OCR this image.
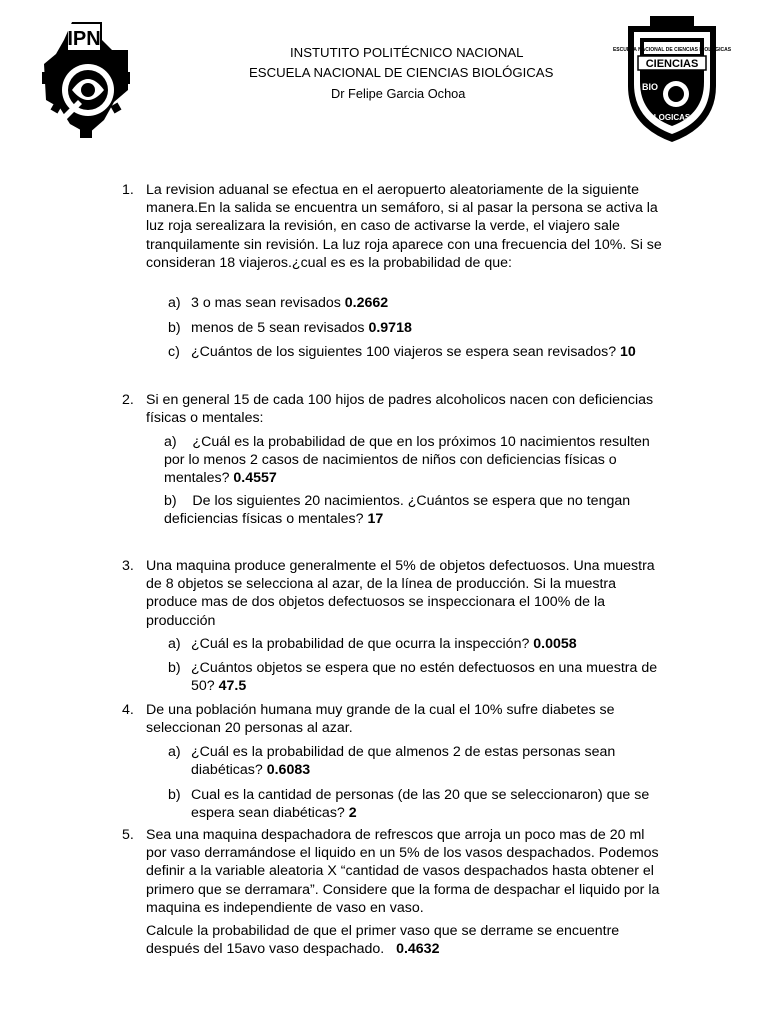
IPN	ESCUELA NACIONAL DE CIENCIAS BIOLOGICAS
CIENCIAS
BIO
LOGICAS
INSTUTITO POLITÉCNICO NACIONAL
ESCUELA NACIONAL DE CIENCIAS BIOLÓGICAS
Dr Felipe Garcia Ochoa
1. La revision aduanal se efectua en el aeropuerto aleatoriamente de la siguiente manera.En la salida se encuentra un semáforo, si al pasar la persona se activa la luz roja serealizara la revisión, en caso de activarse la verde, el viajero sale tranquilamente sin revisión. La luz roja aparece con una frecuencia del 10%. Si se consideran 18 viajeros.¿cual es es la probabilidad de que:
a) 3 o mas sean revisados 0.2662
b) menos de 5 sean revisados 0.9718
c) ¿Cuántos de los siguientes 100 viajeros se espera sean revisados? 10
2. Si en general 15 de cada 100 hijos de padres alcoholicos nacen con deficiencias físicas o mentales:
a) ¿Cuál es la probabilidad de que en los próximos 10 nacimientos resulten por lo menos 2 casos de nacimientos de niños con deficiencias físicas o mentales? 0.4557
b) De los siguientes 20 nacimientos. ¿Cuántos se espera que no tengan deficiencias físicas o mentales? 17
3. Una maquina produce generalmente el 5% de objetos defectuosos. Una muestra de 8 objetos se selecciona al azar, de la línea de producción. Si la muestra produce mas de dos objetos defectuosos se inspeccionara el 100% de la producción
a) ¿Cuál es la probabilidad de que ocurra la inspección? 0.0058
b) ¿Cuántos objetos se espera que no estén defectuosos en una muestra de 50? 47.5
4. De una población humana muy grande de la cual el 10% sufre diabetes se seleccionan 20 personas al azar.
a) ¿Cuál es la probabilidad de que almenos 2 de estas personas sean diabéticas? 0.6083
b) Cual es la cantidad de personas (de las 20 que se seleccionaron) que se espera sean diabéticas? 2
5. Sea una maquina despachadora de refrescos que arroja un poco mas de 20 ml por vaso derramándose el liquido en un 5% de los vasos despachados. Podemos definir a la variable aleatoria X “cantidad de vasos despachados hasta obtener el primero que se derramara”. Considere que la forma de despachar el liquido por la maquina es independiente de vaso en vaso.
Calcule la probabilidad de que el primer vaso que se derrame se encuentre después del 15avo vaso despachado.   0.4632
